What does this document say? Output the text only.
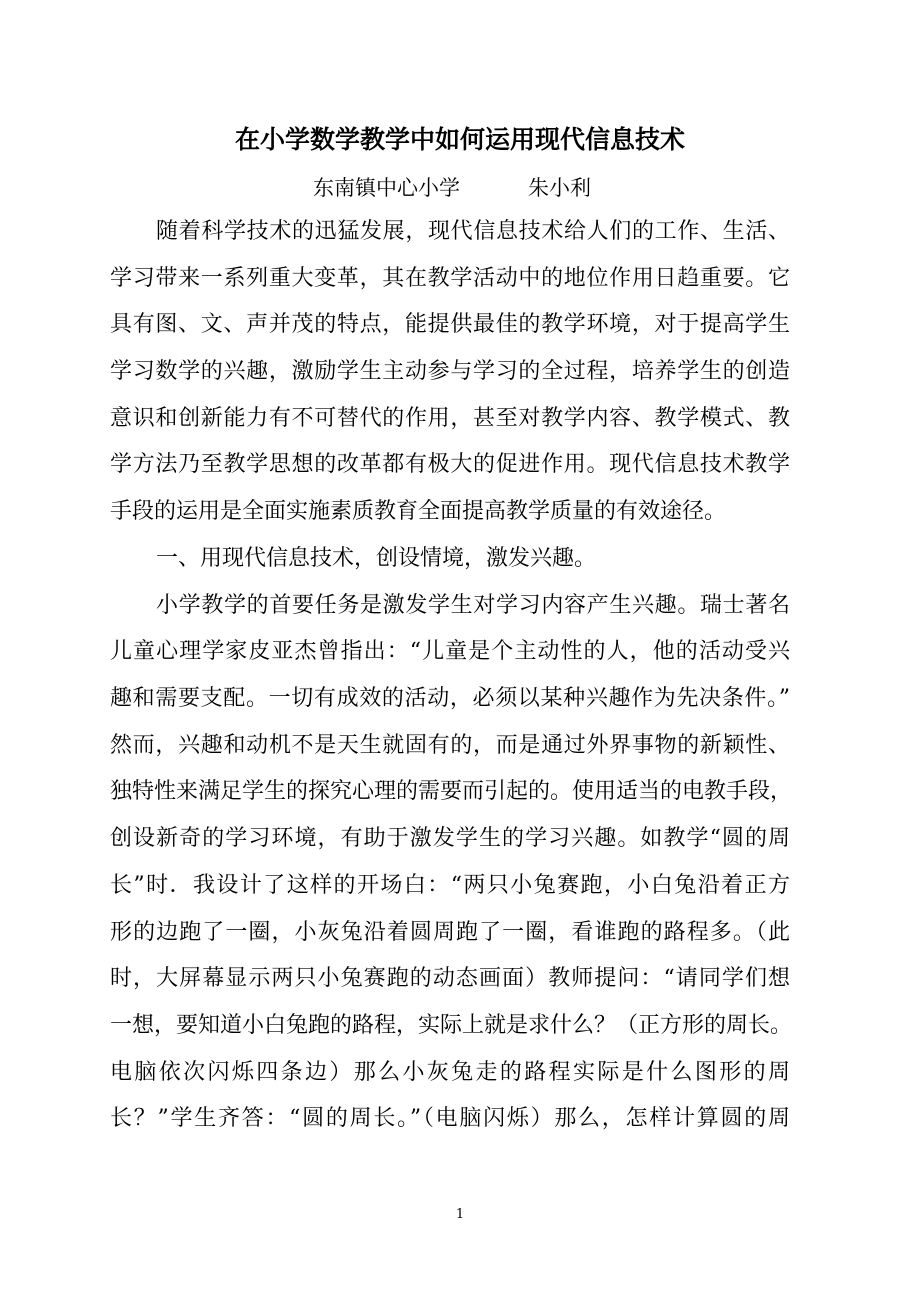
在小学数学教学中如何运用现代信息技术
东南镇中心小学	朱小利
随着科学技术的迅猛发展，现代信息技术给人们的工作、生活、
学习带来一系列重大变革，其在教学活动中的地位作用日趋重要。它
具有图、文、声并茂的特点，能提供最佳的教学环境，对于提高学生
学习数学的兴趣，激励学生主动参与学习的全过程，培养学生的创造
意识和创新能力有不可替代的作用，甚至对教学内容、教学模式、教
学方法乃至教学思想的改革都有极大的促进作用。现代信息技术教学
手段的运用是全面实施素质教育全面提高教学质量的有效途径。
一、用现代信息技术，创设情境，激发兴趣。
小学教学的首要任务是激发学生对学习内容产生兴趣。瑞士著名
儿童心理学家皮亚杰曾指出：“儿童是个主动性的人，他的活动受兴
趣和需要支配。一切有成效的活动，必须以某种兴趣作为先决条件。”
然而，兴趣和动机不是天生就固有的，而是通过外界事物的新颖性、
独特性来满足学生的探究心理的需要而引起的。使用适当的电教手段，
创设新奇的学习环境，有助于激发学生的学习兴趣。如教学“圆的周
长”时．我设计了这样的开场白：“两只小兔赛跑，小白兔沿着正方
形的边跑了一圈，小灰兔沿着圆周跑了一圈，看谁跑的路程多。（此
时，大屏幕显示两只小兔赛跑的动态画面）教师提问：“请同学们想
一想，要知道小白兔跑的路程，实际上就是求什么？（正方形的周长。
电脑依次闪烁四条边）那么小灰兔走的路程实际是什么图形的周
长？”学生齐答：“圆的周长。”（电脑闪烁）那么，怎样计算圆的周
1
